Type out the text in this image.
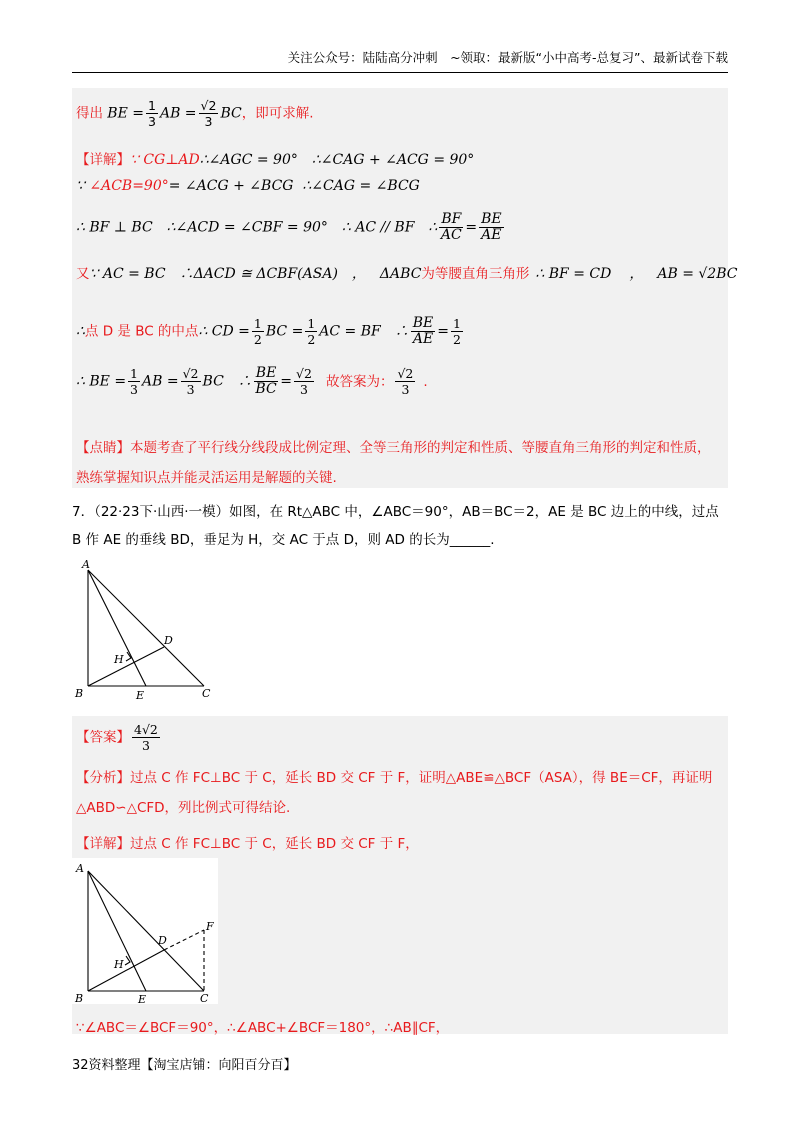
关注公众号：陆陆高分冲刺　~领取：最新版“小中高考-总复习”、最新试卷下载
得出 BE = $\frac{1}{3}$ AB = $\frac{√2}{3}$ BC，即可求解.
【详解】∵ CG⊥AD∴∠AGC = 90°　∴∠CAG + ∠ACG = 90°
∵ ∠ACB=90°= ∠ACG + ∠BCG ∴∠CAG = ∠BCG
∴ BF ⊥ BC　∴∠ACD = ∠CBF = 90°　∴ AC // BF　∴ $\frac{BF}{AC} = \frac{BE}{AE}$
又∵ AC = BC　∴ΔACD ≅ ΔCBF(ASA) ， ΔABC为等腰直角三角形 ∴ BF = CD ， AB = √2BC
∴点 D 是 BC 的中点∴ CD = $\frac{1}{2}$ BC = $\frac{1}{2}$ AC = BF　∴ $\frac{BE}{AE} = \frac{1}{2}$
∴ BE = $\frac{1}{3}$ AB = $\frac{√2}{3}$ BC　∴ $\frac{BE}{BC} = \frac{√2}{3}$ 故答案为： $\frac{√2}{3}$ .
【点睛】本题考查了平行线分线段成比例定理、全等三角形的判定和性质、等腰直角三角形的判定和性质，
熟练掌握知识点并能灵活运用是解题的关键.
7．（22·23下·山西·一模）如图，在 Rt△ABC 中，∠ABC＝90°，AB＝BC＝2，AE 是 BC 边上的中线，过点
B 作 AE 的垂线 BD，垂足为 H，交 AC 于点 D，则 AD 的长为______.
A
B	C
D
E
H
【答案】 $\frac{4√2}{3}$
【分析】过点 C 作 FC⊥BC 于 C，延长 BD 交 CF 于 F，证明△ABE≌△BCF（ASA），得 BE＝CF，再证明
△ABD∽△CFD，列比例式可得结论.
【详解】过点 C 作 FC⊥BC 于 C，延长 BD 交 CF 于 F，
A
B	C
D
E
H
F
∵∠ABC＝∠BCF＝90°，∴∠ABC+∠BCF＝180°，∴AB∥CF，
32资料整理【淘宝店铺：向阳百分百】
